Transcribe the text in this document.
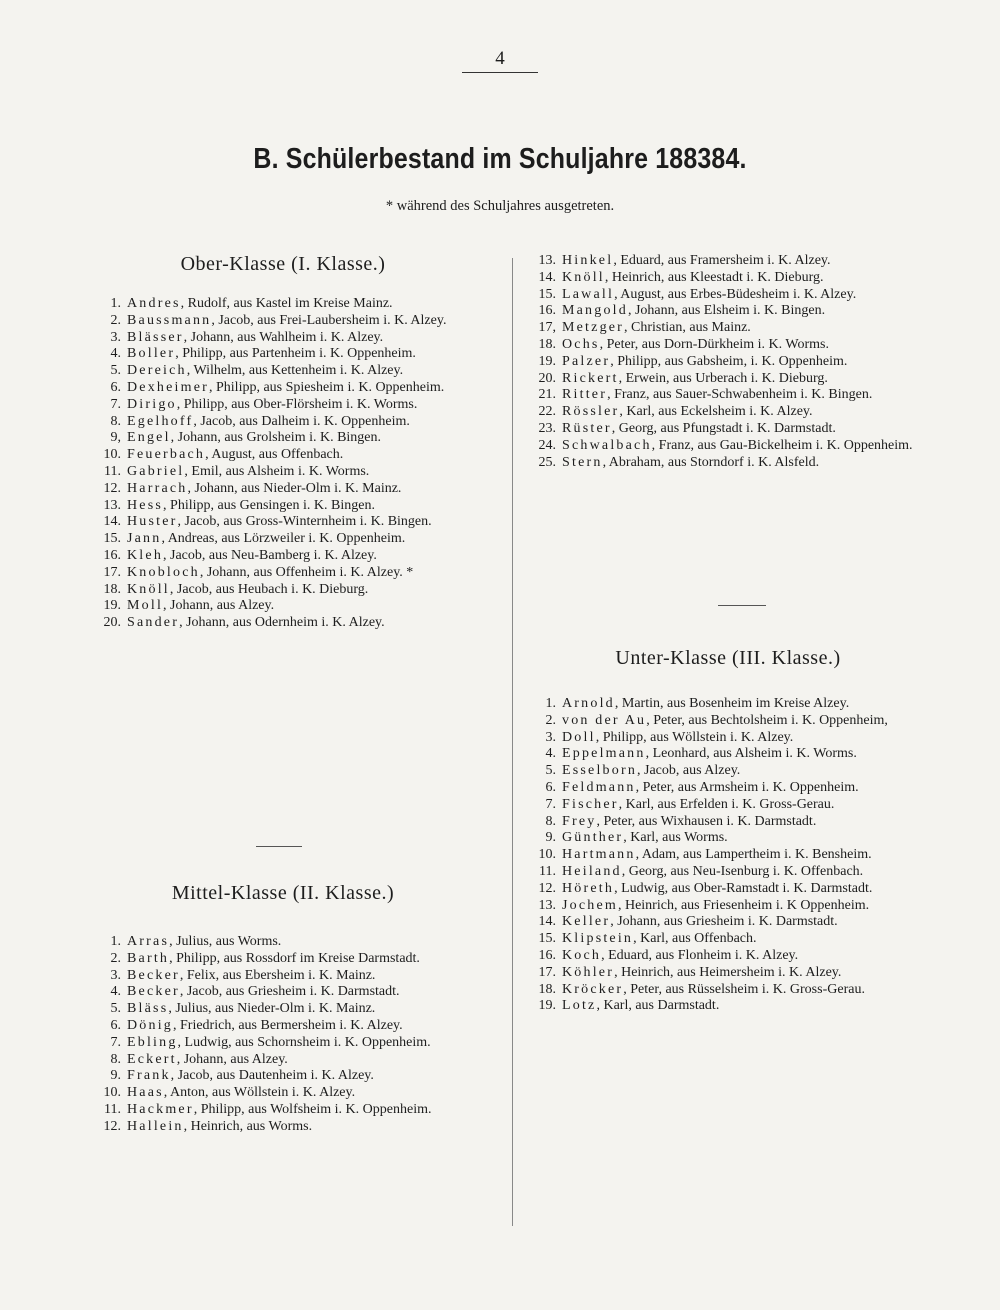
4
B. Schülerbestand im Schuljahre 188384.
* während des Schuljahres ausgetreten.
Ober-Klasse (I. Klasse.)
1. Andres, Rudolf, aus Kastel im Kreise Mainz.
2. Baussmann, Jacob, aus Frei-Laubersheim i. K. Alzey.
3. Blässer, Johann, aus Wahlheim i. K. Alzey.
4. Boller, Philipp, aus Partenheim i. K. Oppenheim.
5. Dereich, Wilhelm, aus Kettenheim i. K. Alzey.
6. Dexheimer, Philipp, aus Spiesheim i. K. Oppenheim.
7. Dirigo, Philipp, aus Ober-Flörsheim i. K. Worms.
8. Egelhoff, Jacob, aus Dalheim i. K. Oppenheim.
9, Engel, Johann, aus Grolsheim i. K. Bingen.
10. Feuerbach, August, aus Offenbach.
11. Gabriel, Emil, aus Alsheim i. K. Worms.
12. Harrach, Johann, aus Nieder-Olm i. K. Mainz.
13. Hess, Philipp, aus Gensingen i. K. Bingen.
14. Huster, Jacob, aus Gross-Winternheim i. K. Bingen.
15. Jann, Andreas, aus Lörzweiler i. K. Oppenheim.
16. Kleh, Jacob, aus Neu-Bamberg i. K. Alzey.
17. Knobloch, Johann, aus Offenheim i. K. Alzey. *
18. Knöll, Jacob, aus Heubach i. K. Dieburg.
19. Moll, Johann, aus Alzey.
20. Sander, Johann, aus Odernheim i. K. Alzey.
Mittel-Klasse (II. Klasse.)
1. Arras, Julius, aus Worms.
2. Barth, Philipp, aus Rossdorf im Kreise Darmstadt.
3. Becker, Felix, aus Ebersheim i. K. Mainz.
4. Becker, Jacob, aus Griesheim i. K. Darmstadt.
5. Bläss, Julius, aus Nieder-Olm i. K. Mainz.
6. Dönig, Friedrich, aus Bermersheim i. K. Alzey.
7. Ebling, Ludwig, aus Schornsheim i. K. Oppenheim.
8. Eckert, Johann, aus Alzey.
9. Frank, Jacob, aus Dautenheim i. K. Alzey.
10. Haas, Anton, aus Wöllstein i. K. Alzey.
11. Hackmer, Philipp, aus Wolfsheim i. K. Oppenheim.
12. Hallein, Heinrich, aus Worms.
13. Hinkel, Eduard, aus Framersheim i. K. Alzey.
14. Knöll, Heinrich, aus Kleestadt i. K. Dieburg.
15. Lawall, August, aus Erbes-Büdesheim i. K. Alzey.
16. Mangold, Johann, aus Elsheim i. K. Bingen.
17, Metzger, Christian, aus Mainz.
18. Ochs, Peter, aus Dorn-Dürkheim i. K. Worms.
19. Palzer, Philipp, aus Gabsheim, i. K. Oppenheim.
20. Rickert, Erwein, aus Urberach i. K. Dieburg.
21. Ritter, Franz, aus Sauer-Schwabenheim i. K. Bingen.
22. Rössler, Karl, aus Eckelsheim i. K. Alzey.
23. Rüster, Georg, aus Pfungstadt i. K. Darmstadt.
24. Schwalbach, Franz, aus Gau-Bickelheim i. K. Oppenheim.
25. Stern, Abraham, aus Storndorf i. K. Alsfeld.
Unter-Klasse (III. Klasse.)
1. Arnold, Martin, aus Bosenheim im Kreise Alzey.
2. von der Au, Peter, aus Bechtolsheim i. K. Oppenheim,
3. Doll, Philipp, aus Wöllstein i. K. Alzey.
4. Eppelmann, Leonhard, aus Alsheim i. K. Worms.
5. Esselborn, Jacob, aus Alzey.
6. Feldmann, Peter, aus Armsheim i. K. Oppenheim.
7. Fischer, Karl, aus Erfelden i. K. Gross-Gerau.
8. Frey, Peter, aus Wixhausen i. K. Darmstadt.
9. Günther, Karl, aus Worms.
10. Hartmann, Adam, aus Lampertheim i. K. Bensheim.
11. Heiland, Georg, aus Neu-Isenburg i. K. Offenbach.
12. Höreth, Ludwig, aus Ober-Ramstadt i. K. Darmstadt.
13. Jochem, Heinrich, aus Friesenheim i. K Oppenheim.
14. Keller, Johann, aus Griesheim i. K. Darmstadt.
15. Klipstein, Karl, aus Offenbach.
16. Koch, Eduard, aus Flonheim i. K. Alzey.
17. Köhler, Heinrich, aus Heimersheim i. K. Alzey.
18. Kröcker, Peter, aus Rüsselsheim i. K. Gross-Gerau.
19. Lotz, Karl, aus Darmstadt.
